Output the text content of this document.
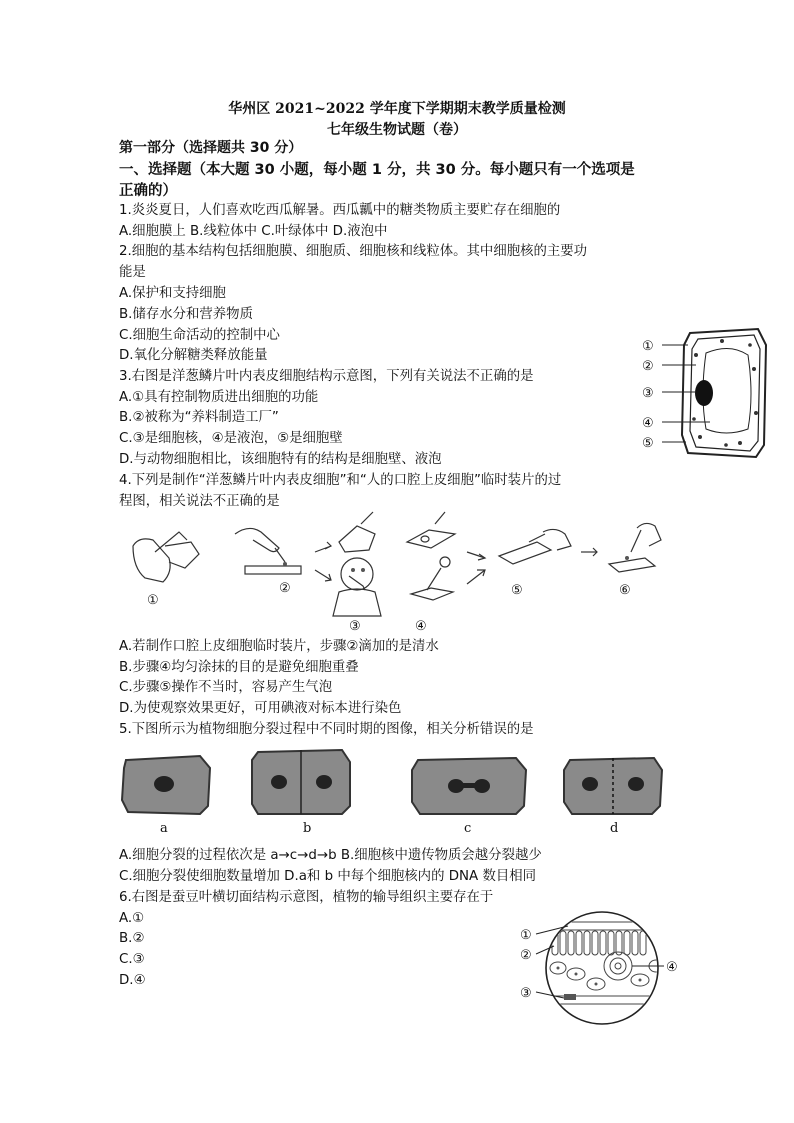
华州区 2021~2022 学年度下学期期末教学质量检测
七年级生物试题（卷）
第一部分（选择题共 30 分）
一、选择题（本大题 30 小题，每小题 1 分，共 30 分。每小题只有一个选项是
正确的）
1.炎炎夏日，人们喜欢吃西瓜解暑。西瓜瓤中的糖类物质主要贮存在细胞的
A.细胞膜上 B.线粒体中 C.叶绿体中 D.液泡中
2.细胞的基本结构包括细胞膜、细胞质、细胞核和线粒体。其中细胞核的主要功
能是
A.保护和支持细胞
B.储存水分和营养物质
C.细胞生命活动的控制中心
D.氧化分解糖类释放能量
3.右图是洋葱鳞片叶内表皮细胞结构示意图，下列有关说法不正确的是
A.①具有控制物质进出细胞的功能
B.②被称为“养料制造工厂”
C.③是细胞核，④是液泡，⑤是细胞壁
D.与动物细胞相比，该细胞特有的结构是细胞壁、液泡
①
②
③
④
⑤
4.下列是制作“洋葱鳞片叶内表皮细胞”和“人的口腔上皮细胞”临时装片的过
程图，相关说法不正确的是
①
②
③	④
⑤	⑥
A.若制作口腔上皮细胞临时装片，步骤②滴加的是清水
B.步骤④均匀涂抹的目的是避免细胞重叠
C.步骤⑤操作不当时，容易产生气泡
D.为使观察效果更好，可用碘液对标本进行染色
5.下图所示为植物细胞分裂过程中不同时期的图像，相关分析错误的是
a	b	c	d
A.细胞分裂的过程依次是 a→c→d→b B.细胞核中遗传物质会越分裂越少
C.细胞分裂使细胞数量增加 D.a和 b 中每个细胞核内的 DNA 数目相同
6.右图是蚕豆叶横切面结构示意图，植物的输导组织主要存在于
A.①
B.②
C.③
D.④
①
②
③
④
